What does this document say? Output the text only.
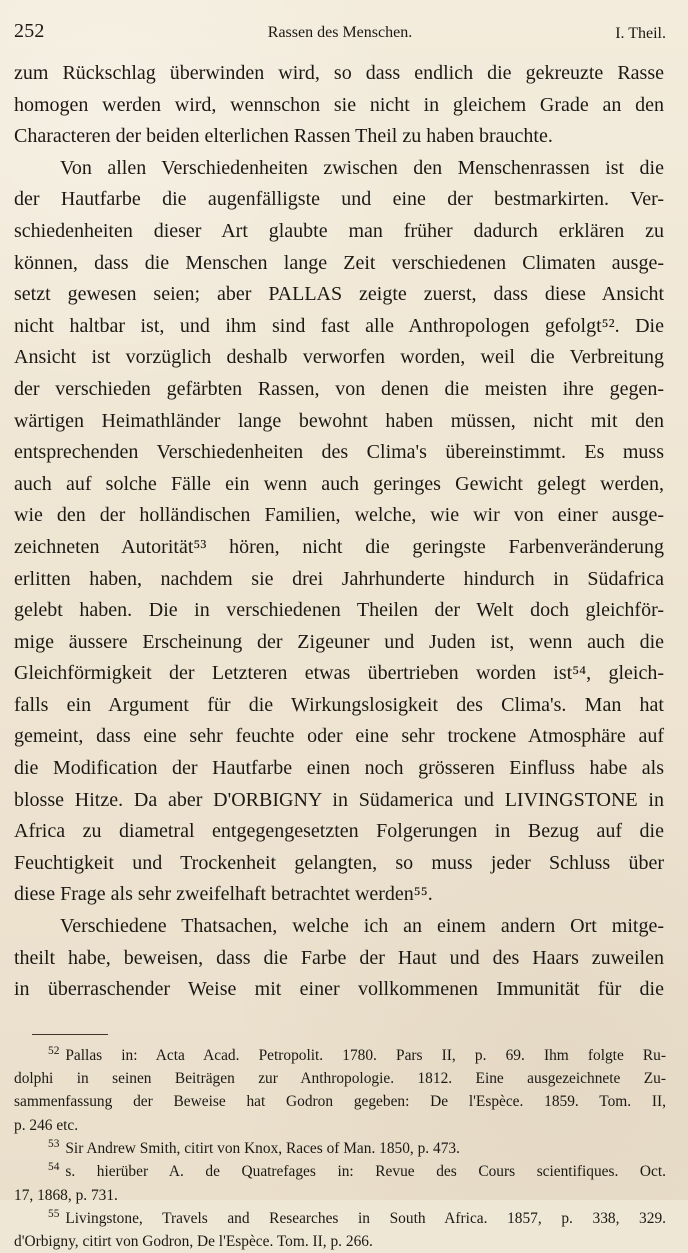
252	Rassen des Menschen.	I. Theil.

zum Rückschlag überwinden wird, so dass endlich die gekreuzte Rasse
homogen werden wird, wennschon sie nicht in gleichem Grade an den
Characteren der beiden elterlichen Rassen Theil zu haben brauchte.

Von allen Verschiedenheiten zwischen den Menschenrassen ist die
der Hautfarbe die augenfälligste und eine der bestmarkirten. Ver-
schiedenheiten dieser Art glaubte man früher dadurch erklären zu
können, dass die Menschen lange Zeit verschiedenen Climaten ausge-
setzt gewesen seien; aber PALLAS zeigte zuerst, dass diese Ansicht
nicht haltbar ist, und ihm sind fast alle Anthropologen gefolgt⁵². Die
Ansicht ist vorzüglich deshalb verworfen worden, weil die Verbreitung
der verschieden gefärbten Rassen, von denen die meisten ihre gegen-
wärtigen Heimathländer lange bewohnt haben müssen, nicht mit den
entsprechenden Verschiedenheiten des Clima's übereinstimmt. Es muss
auch auf solche Fälle ein wenn auch geringes Gewicht gelegt werden,
wie den der holländischen Familien, welche, wie wir von einer ausge-
zeichneten Autorität⁵³ hören, nicht die geringste Farbenveränderung
erlitten haben, nachdem sie drei Jahrhunderte hindurch in Südafrica
gelebt haben. Die in verschiedenen Theilen der Welt doch gleichför-
mige äussere Erscheinung der Zigeuner und Juden ist, wenn auch die
Gleichförmigkeit der Letzteren etwas übertrieben worden ist⁵⁴, gleich-
falls ein Argument für die Wirkungslosigkeit des Clima's. Man hat
gemeint, dass eine sehr feuchte oder eine sehr trockene Atmosphäre auf
die Modification der Hautfarbe einen noch grösseren Einfluss habe als
blosse Hitze. Da aber D'ORBIGNY in Südamerica und LIVINGSTONE in
Africa zu diametral entgegengesetzten Folgerungen in Bezug auf die
Feuchtigkeit und Trockenheit gelangten, so muss jeder Schluss über
diese Frage als sehr zweifelhaft betrachtet werden⁵⁵.

Verschiedene Thatsachen, welche ich an einem andern Ort mitge-
theilt habe, beweisen, dass die Farbe der Haut und des Haars zuweilen
in überraschender Weise mit einer vollkommenen Immunität für die

52 Pallas in: Acta Acad. Petropolit. 1780. Pars II, p. 69. Ihm folgte Ru-
dolphi in seinen Beiträgen zur Anthropologie. 1812. Eine ausgezeichnete Zu-
sammenfassung der Beweise hat Godron gegeben: De l'Espèce. 1859. Tom. II,
p. 246 etc.
53 Sir Andrew Smith, citirt von Knox, Races of Man. 1850, p. 473.
54 s. hierüber A. de Quatrefages in: Revue des Cours scientifiques. Oct.
17, 1868, p. 731.
55 Livingstone, Travels and Researches in South Africa. 1857, p. 338, 329.
d'Orbigny, citirt von Godron, De l'Espèce. Tom. II, p. 266.
